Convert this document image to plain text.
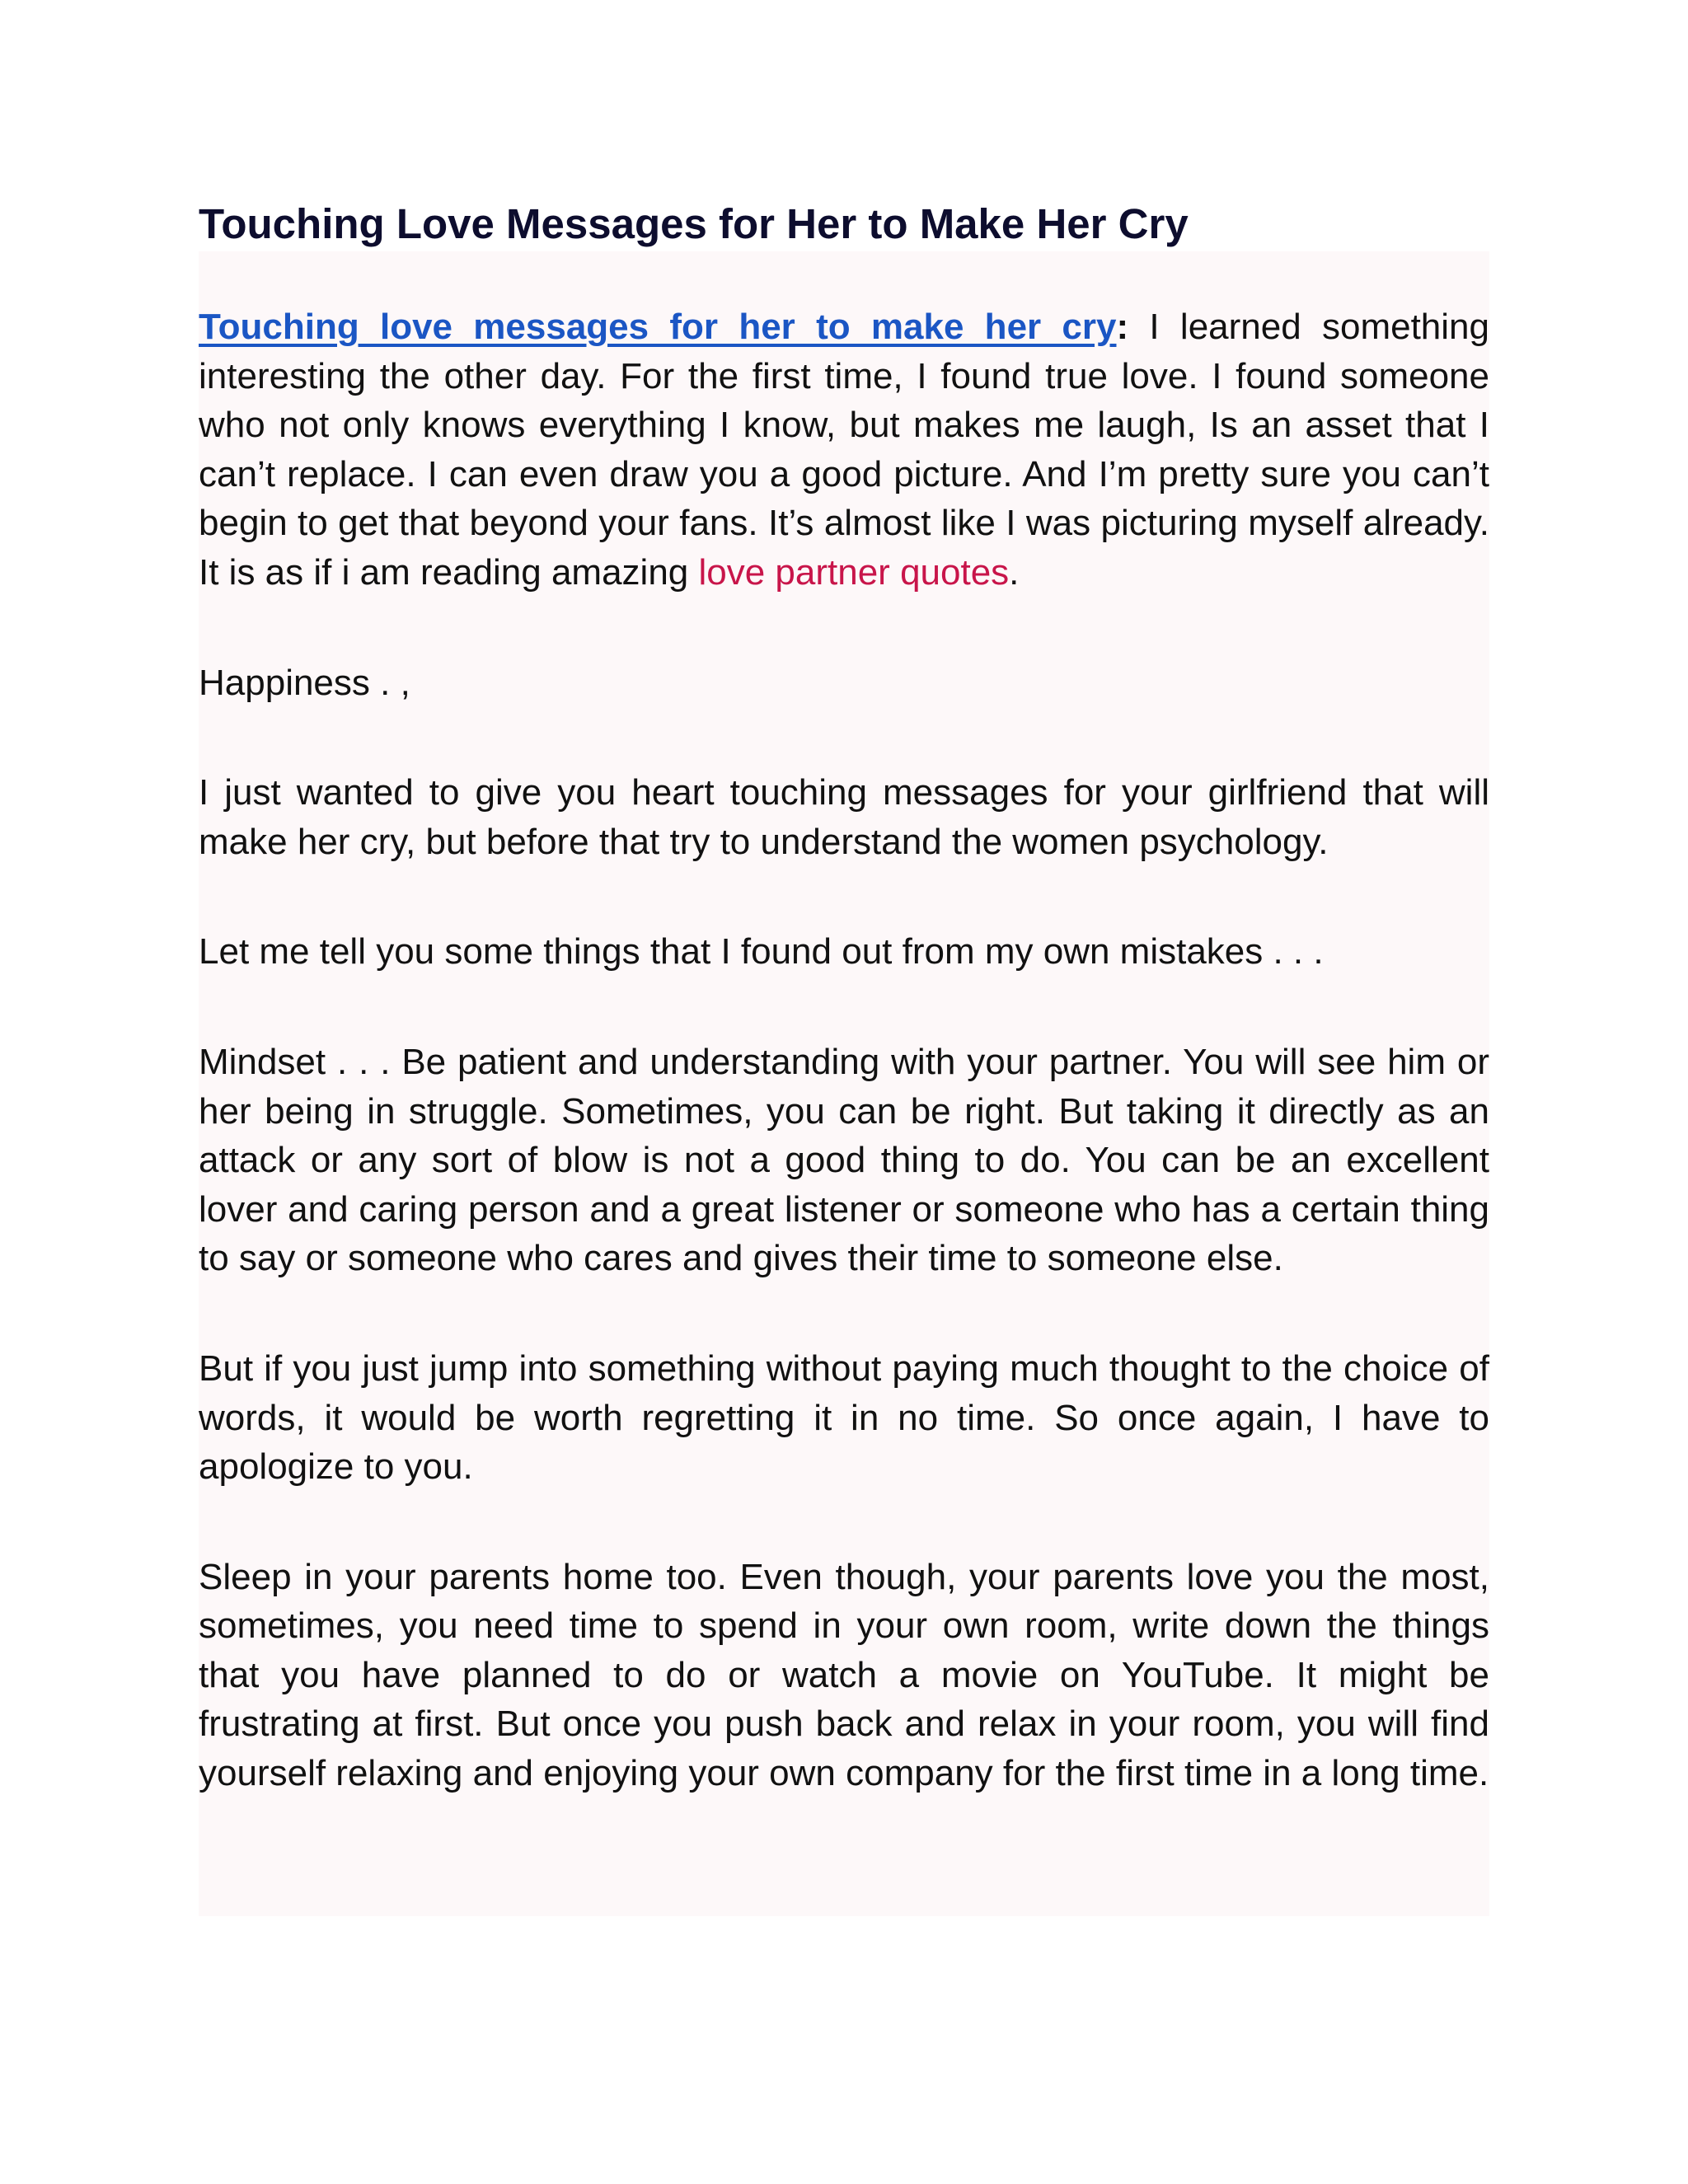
Touching Love Messages for Her to Make Her Cry

Touching love messages for her to make her cry: I learned something interesting the other day. For the first time, I found true love. I found someone who not only knows everything I know, but makes me laugh, Is an asset that I can’t replace. I can even draw you a good picture. And I’m pretty sure you can’t begin to get that beyond your fans. It’s almost like I was picturing myself already. It is as if i am reading amazing love partner quotes.

Happiness . ,

I just wanted to give you heart touching messages for your girlfriend that will make her cry, but before that try to understand the women psychology.

Let me tell you some things that I found out from my own mistakes . . .

Mindset . . . Be patient and understanding with your partner. You will see him or her being in struggle. Sometimes, you can be right. But taking it directly as an attack or any sort of blow is not a good thing to do. You can be an excellent lover and caring person and a great listener or someone who has a certain thing to say or someone who cares and gives their time to someone else.

But if you just jump into something without paying much thought to the choice of words, it would be worth regretting it in no time. So once again, I have to apologize to you.

Sleep in your parents home too. Even though, your parents love you the most, sometimes, you need time to spend in your own room, write down the things that you have planned to do or watch a movie on YouTube. It might be frustrating at first. But once you push back and relax in your room, you will find yourself relaxing and enjoying your own company for the first time in a long time.
